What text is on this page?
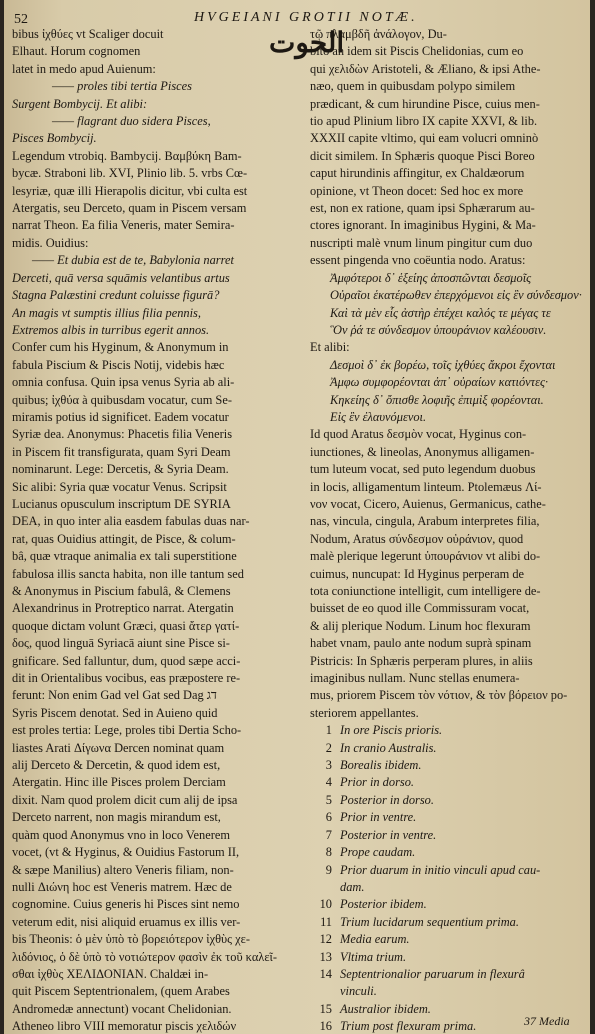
52	HVGEIANI GROTII NOTÆ.
الحوت
bibus ἰχθύες vt Scaliger docuit
Elhaut. Horum cognomen
latet in medo apud Auienum:
—— proles tibi tertia Pisces
Surgent Bombycij. Et alibi:
—— flagrant duo sidera Pisces,
Pisces Bombycij.
Legendum vtrobiq. Bambycij. Βαμβύκη Bam-
bycæ. Straboni lib. XVI, Plinio lib. 5. vrbs Cœ-
lesyriæ, quæ illi Hierapolis dicitur, vbi culta est
Atergatis, seu Derceto, quam in Piscem versam
narrat Theon. Ea filia Veneris, mater Semira-
midis. Ouidius:
—— Et dubia est de te, Babylonia narret
Derceti, quā versa squāmis velantibus artus
Stagna Palæstini credunt coluisse figurā?
An magis vt sumptis illius filia pennis,
Extremos albis in turribus egerit annos.
Confer cum his Hyginum, & Anonymum in
fabula Piscium & Piscis Notij, videbis hæc
omnia confusa. Quin ipsa venus Syria ab ali-
quibus; ἰχθύα à quibusdam vocatur, cum Se-
miramis potius id significet. Eadem vocatur
Syriæ dea. Anonymus: Phacetis filia Veneris
in Piscem fit transfigurata, quam Syri Deam
nominarunt. Lege: Dercetis, & Syria Deam.
Sic alibi: Syria quæ vocatur Venus. Scripsit
Lucianus opusculum inscriptum DE SYRIA
DEA, in quo inter alia easdem fabulas duas nar-
rat, quas Ouidius attingit, de Pisce, & colum-
bâ, quæ vtraque animalia ex tali superstitione
fabulosa illis sancta habita, non ille tantum sed
& Anonymus in Piscium fabulâ, & Clemens
Alexandrinus in Protreptico narrat. Atergatin
quoque dictam volunt Græci, quasi ἄτερ γατί-
δος, quod linguā Syriacā aiunt sine Pisce si-
gnificare. Sed falluntur, dum, quod sæpe acci-
dit in Orientalibus vocibus, eas præpostere re-
ferunt: Non enim Gad vel Gat sed Dag דג
Syris Piscem denotat. Sed in Auieno quid
est proles tertia: Lege, proles tibi Dertia Scho-
liastes Arati Δίγωνα Dercen nominat quam
alij Derceto & Dercetin, & quod idem est,
Atergatin. Hinc ille Pisces prolem Derciam
dixit. Nam quod prolem dicit cum alij de ipsa
Derceto narrent, non magis mirandum est,
quàm quod Anonymus vno in loco Venerem
vocet, (vt & Hyginus, & Ouidius Fastorum II,
& sæpe Manilius) altero Veneris filiam, non-
nulli Διώνη hoc est Veneris matrem. Hæc de
cognomine. Cuius generis hi Pisces sint nemo
veterum edit, nisi aliquid eruamus ex illis ver-
bis Theonis: ὁ μὲν ὑπὸ τὸ βορειότερον ἰχθὺς χε-
λιδόνιος, ὁ δὲ ὑπὸ τὸ νοτιώτερον φασὶν ἐκ τοῦ καλεῖ-
σθαι ἰχθὺς ΧΕΛΙΔΟΝΙΑΝ. Chaldæi in-
quit Piscem Septentrionalem, (quem Arabes
Andromedæ annectunt) vocant Chelidonian.
Atheneo libro VIII memoratur piscis χελιδών
τῷ πλαμβδῆ ἀνάλογον, Du-
bito an idem sit Piscis Chelidonias, cum eo
qui χελιδὼν Aristoteli, & Æliano, & ipsi Athe-
næo, quem in quibusdam polypo similem
prædicant, & cum hirundine Pisce, cuius men-
tio apud Plinium libro IX capite XXVI, & lib.
XXXII capite vltimo, qui eam volucri omninò
dicit similem. In Sphæris quoque Pisci Boreo
caput hirundinis affingitur, ex Chaldæorum
opinione, vt Theon docet: Sed hoc ex more
est, non ex ratione, quam ipsi Sphærarum au-
ctores ignorant. In imaginibus Hygini, & Ma-
nuscripti malè vnum linum pingitur cum duo
essent pingenda vno coëuntia nodo. Aratus:
Ἀμφότεροι δ᾽ ἑξείης ἀποσπῶνται δεσμοῖς
Οὐραῖοι ἑκατέρωθεν ἐπερχόμενοι εἰς ἓν σύνδεσμον·
Καὶ τὰ μὲν εἷς ἀστὴρ ἐπέχει καλός τε μέγας τε
Ὃν ῥά τε σύνδεσμον ὑπουράνιον καλέουσιν.
Et alibi:
Δεσμοὶ δ᾽ ἐκ βορέω, τοῖς ἰχθύες ἄκροι ἔχονται
Ἀμφω συμφορέονται ἀπ᾽ οὐραίων κατιόντες·
Κηκείης δ᾽ ὄπισθε λοφιῆς ἐπιμὶξ φορέονται.
Εἰς ἓν ἐλαυνόμενοι.
Id quod Aratus δεσμὸν vocat, Hyginus con-
iunctiones, & lineolas, Anonymus alligamen-
tum luteum vocat, sed puto legendum duobus
in locis, alligamentum linteum. Ptolemæus Λί-
νον vocat, Cicero, Auienus, Germanicus, cathe-
nas, vincula, cingula, Arabum interpretes filia,
Nodum, Aratus σύνδεσμον οὐράνιον, quod
malè plerique legerunt ὑπουράνιον vt alibi do-
cuimus, nuncupat: Id Hyginus perperam de
tota coniunctione intelligit, cum intelligere de-
buisset de eo quod ille Commissuram vocat,
& alij plerique Nodum. Linum hoc flexuram
habet vnam, paulo ante nodum suprà spinam
Pistricis: In Sphæris perperam plures, in aliis
imaginibus nullam. Nunc stellas enumera-
mus, priorem Piscem τὸν νότιον, & τὸν βόρειον po-
steriorem appellantes.
1 In ore Piscis prioris.
2 In cranio Australis.
3 Borealis ibidem.
4 Prior in dorso.
5 Posterior in dorso.
6 Prior in ventre.
7 Posterior in ventre.
8 Prope caudam.
9 Prior duarum in initio vinculi apud cau-
dam.
10 Posterior ibidem.
11 Trium lucidarum sequentium prima.
12 Media earum.
13 Vltima trium.
14 Septentrionalior paruarum in flexurâ
vinculi.
15 Australior ibidem.
16 Trium post flexuram prima.	37 Media
